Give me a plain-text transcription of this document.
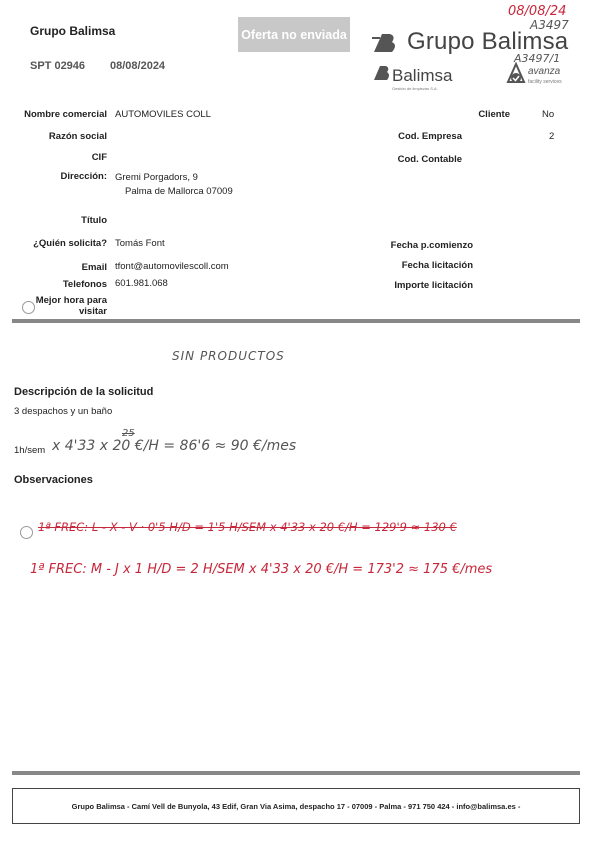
Grupo Balimsa
SPT 02946 08/08/2024
Oferta no enviada	Grupo Balimsa
Balimsa
Gestión de limpiezas S.A.
avanza
facility services
08/08/24
A3497
A3497/1
Nombre comercial AUTOMOVILES COLL
Razón social
CIF
Dirección: Gremi Porgadors, 9
Palma de Mallorca 07009
Título
¿Quién solicita? Tomás Font
Email tfont@automovilescoll.com
Telefonos 601.981.068
Mejor hora para visitar
Cliente	No
Cod. Empresa	2
Cod. Contable
Fecha p.comienzo
Fecha licitación
Importe licitación
SIN PRODUCTOS
Descripción de la solicitud
3 despachos y un baño
1h/sem x 4'33 x 20 €/H = 86'6 ≈ 90 €/mes
25
Observaciones
1ª FREC: L - X - V · 0'5 H/D = 1'5 H/SEM x 4'33 x 20 €/H = 129'9 ≈ 130 €
1ª FREC: M - J x 1 H/D = 2 H/SEM x 4'33 x 20 €/H = 173'2 ≈ 175 €/mes
Grupo Balimsa - Camí Vell de Bunyola, 43 Edif, Gran Via Asima, despacho 17 - 07009 - Palma - 971 750 424 - info@balimsa.es -
